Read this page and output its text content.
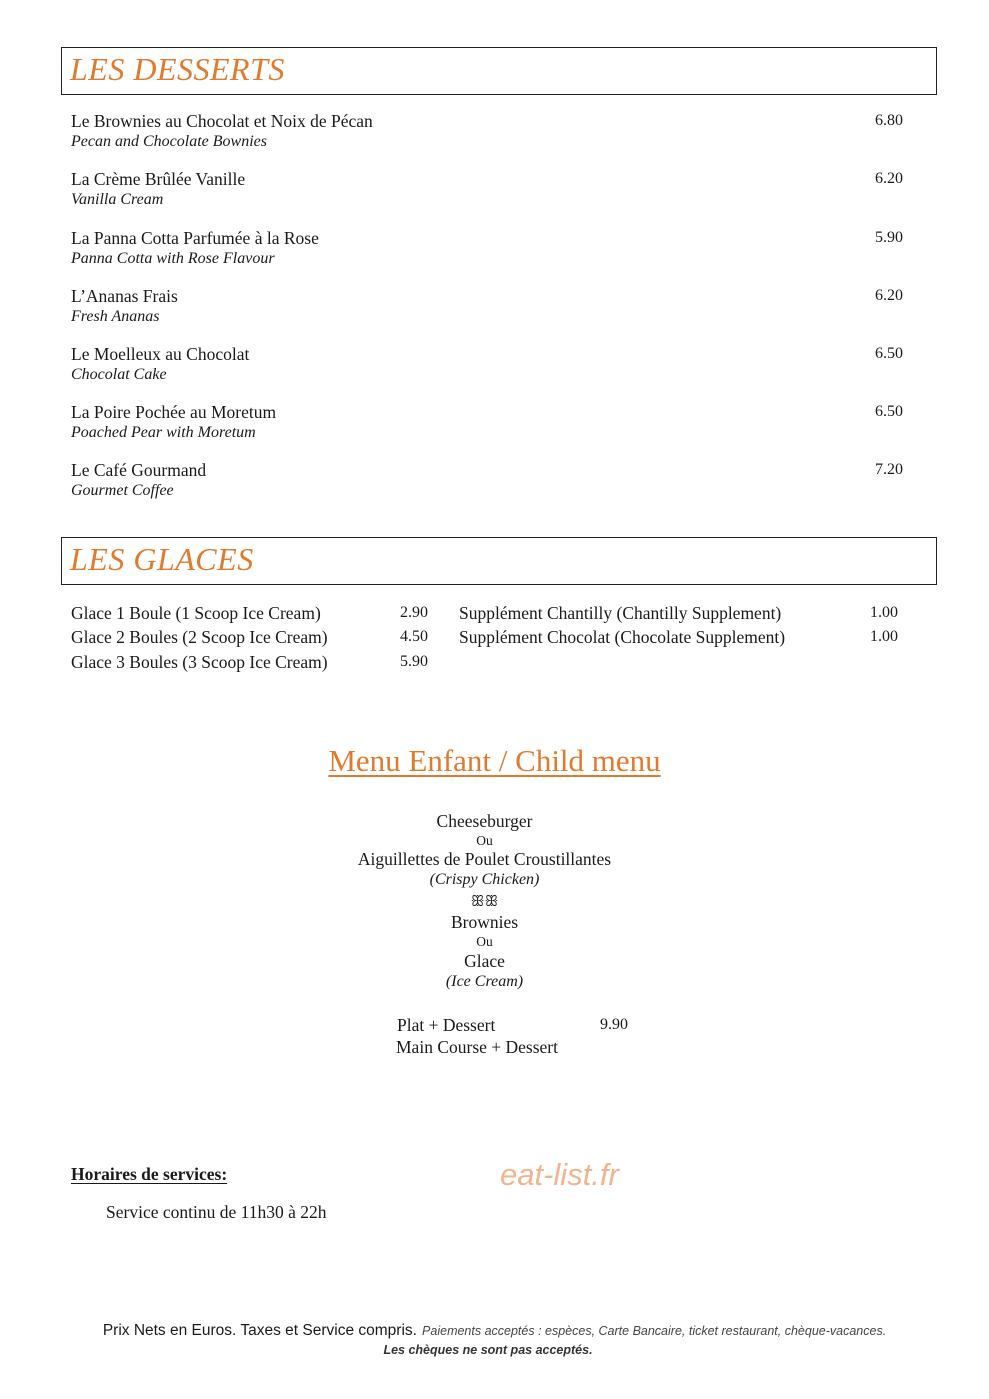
LES DESSERTS
Le Brownies au Chocolat et Noix de Pécan
Pecan and Chocolate Bownies
6.80
La Crème Brûlée Vanille
Vanilla Cream
6.20
La Panna Cotta Parfumée à la Rose
Panna Cotta with Rose Flavour
5.90
L’Ananas Frais
Fresh Ananas
6.20
Le Moelleux au Chocolat
Chocolat Cake
6.50
La Poire Pochée au Moretum
Poached Pear with Moretum
6.50
Le Café Gourmand
Gourmet Coffee
7.20
LES GLACES
Glace 1 Boule (1 Scoop Ice Cream)	2.90
Glace 2 Boules (2 Scoop Ice Cream)	4.50
Glace 3 Boules (3 Scoop Ice Cream)	5.90
Supplément Chantilly (Chantilly Supplement)	1.00
Supplément Chocolat (Chocolate Supplement)	1.00
Menu Enfant / Child menu
Cheeseburger
Ou
Aiguillettes de Poulet Croustillantes
(Crispy Chicken)
ꕥꕥ
Brownies
Ou
Glace
(Ice Cream)
Plat + Dessert	9.90
Main Course + Dessert
Horaires de services:
Service continu de 11h30 à 22h
eat-list.fr
Prix Nets en Euros. Taxes et Service compris. Paiements acceptés : espèces, Carte Bancaire, ticket restaurant, chèque-vacances.
Les chèques ne sont pas acceptés.
